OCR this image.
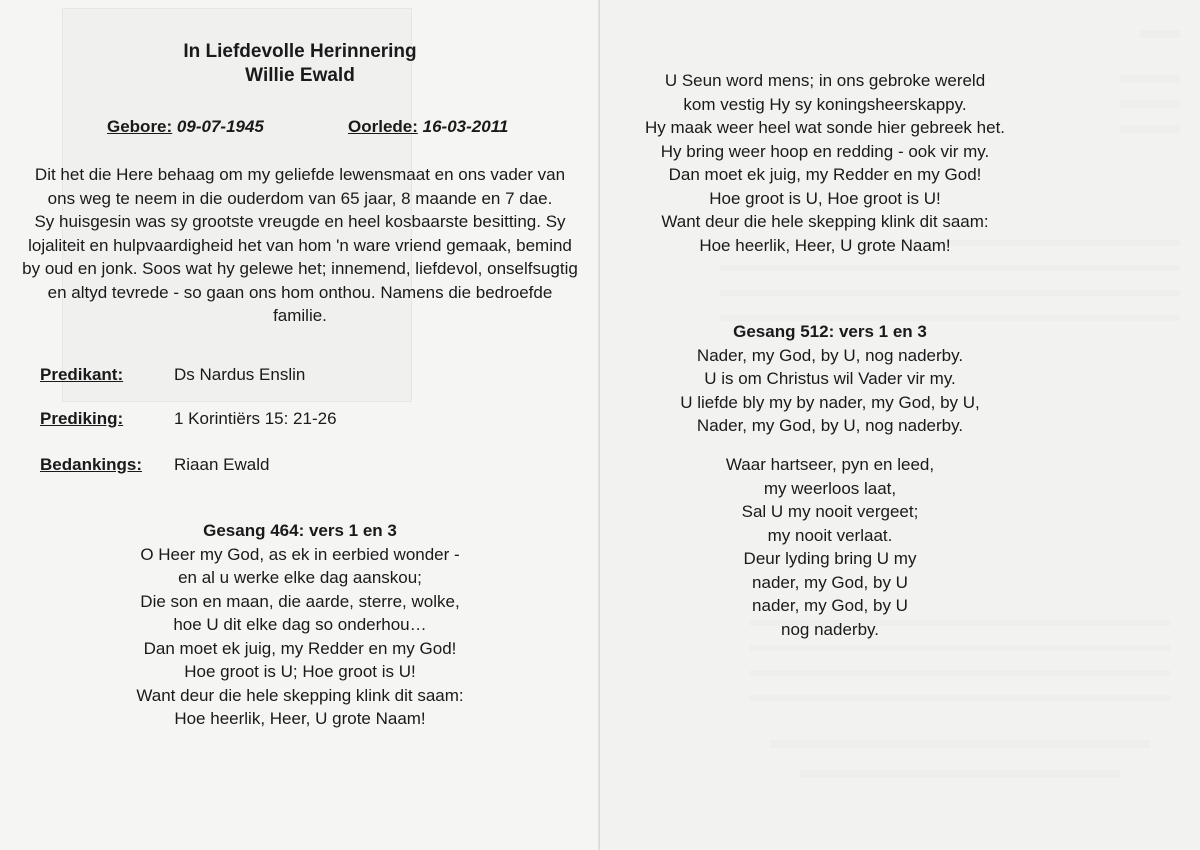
In Liefdevolle Herinnering
Willie Ewald
Gebore: 09-07-1945	Oorlede: 16-03-2011

Dit het die Here behaag om my geliefde lewensmaat en ons vader van ons weg te neem in die ouderdom van 65 jaar, 8 maande en 7 dae.

Sy huisgesin was sy grootste vreugde en heel kosbaarste besitting. Sy lojaliteit en hulpvaardigheid het van hom 'n ware vriend gemaak, bemind by oud en jonk. Soos wat hy gelewe het; innemend, liefdevol, onselfsugtig en altyd tevrede - so gaan ons hom onthou. Namens die bedroefde familie.

Predikant:	Ds Nardus Enslin
Prediking:	1 Korintiërs 15: 21-26
Bedankings: Riaan Ewald
Gesang 464: vers 1 en 3
O Heer my God, as ek in eerbied wonder -
en al u werke elke dag aanskou;
Die son en maan, die aarde, sterre, wolke,
hoe U dit elke dag so onderhou…
Dan moet ek juig, my Redder en my God!
Hoe groot is U; Hoe groot is U!
Want deur die hele skepping klink dit saam:
Hoe heerlik, Heer, U grote Naam!
U Seun word mens; in ons gebroke wereld
kom vestig Hy sy koningsheerskappy.
Hy maak weer heel wat sonde hier gebreek het.
Hy bring weer hoop en redding - ook vir my.
Dan moet ek juig, my Redder en my God!
Hoe groot is U, Hoe groot is U!
Want deur die hele skepping klink dit saam:
Hoe heerlik, Heer, U grote Naam!
Gesang 512: vers 1 en 3
Nader, my God, by U, nog naderby.
U is om Christus wil Vader vir my.
U liefde bly my by nader, my God, by U,
Nader, my God, by U, nog naderby.
Waar hartseer, pyn en leed,
my weerloos laat,
Sal U my nooit vergeet;
my nooit verlaat.
Deur lyding bring U my
nader, my God, by U
nader, my God, by U
nog naderby.
